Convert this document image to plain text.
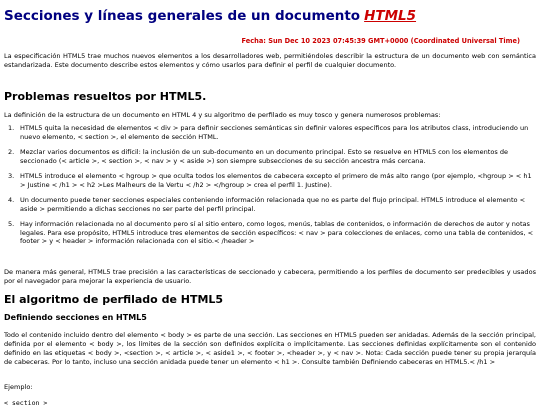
Secciones y líneas generales de un documento HTML5

Fecha: Sun Dec 10 2023 07:45:39 GMT+0000 (Coordinated Universal Time)

La especificación HTML5 trae muchos nuevos elementos a los desarrolladores web, permitiéndoles describir la estructura de un documento web con semántica estandarizada. Este documento describe estos elementos y cómo usarlos para definir el perfil de cualquier documento.

Problemas resueltos por HTML5.

La definición de la estructura de un documento en HTML 4 y su algoritmo de perfilado es muy tosco y genera numerosos problemas:

1. HTML5 quita la necesidad de elementos < div > para definir secciones semánticas sin definir valores específicos para los atributos class, introduciendo un nuevo elemento, < section >, el elemento de sección HTML.
2. Mezclar varios documentos es difícil: la inclusión de un sub-documento en un documento principal. Esto se resuelve en HTML5 con los elementos de seccionado (< article >, < section >, < nav > y < aside >) son siempre subsecciones de su sección ancestra más cercana.
3. HTML5 introduce el elemento < hgroup > que oculta todos los elementos de cabecera excepto el primero de más alto rango (por ejemplo, <hgroup > < h1 > Justine < /h1 > < h2 >Les Malheurs de la Vertu < /h2 > </hgroup > crea el perfil 1. Justine).
4. Un documento puede tener secciones especiales conteniendo información relacionada que no es parte del flujo principal. HTML5 introduce el elemento < aside > permitiendo a dichas secciones no ser parte del perfil principal.
5. Hay información relacionada no al documento pero sí al sitio entero, como logos, menús, tablas de contenidos, o información de derechos de autor y notas legales. Para ese propósito, HTML5 introduce tres elementos de sección específicos: < nav > para colecciones de enlaces, como una tabla de contenidos, < footer > y < header > información relacionada con el sitio.< /header >

De manera más general, HTML5 trae precisión a las características de seccionado y cabecera, permitiendo a los perfiles de documento ser predecibles y usados por el navegador para mejorar la experiencia de usuario.

El algoritmo de perfilado de HTML5
Definiendo secciones en HTML5

Todo el contenido incluido dentro del elemento < body > es parte de una sección. Las secciones en HTML5 pueden ser anidadas. Además de la sección principal, definida por el elemento < body >, los límites de la sección son definidos explícita o implícitamente. Las secciones definidas explícitamente son el contenido definido en las etiquetas < body >, <section >, < article >, < aside1 >, < footer >, <header >, y < nav >. Nota: Cada sección puede tener su propia jerarquía de cabeceras. Por lo tanto, incluso una sección anidada puede tener un elemento < h1 >. Consulte también Definiendo cabeceras en HTML5.< /h1 >

Ejemplo:

< section >
